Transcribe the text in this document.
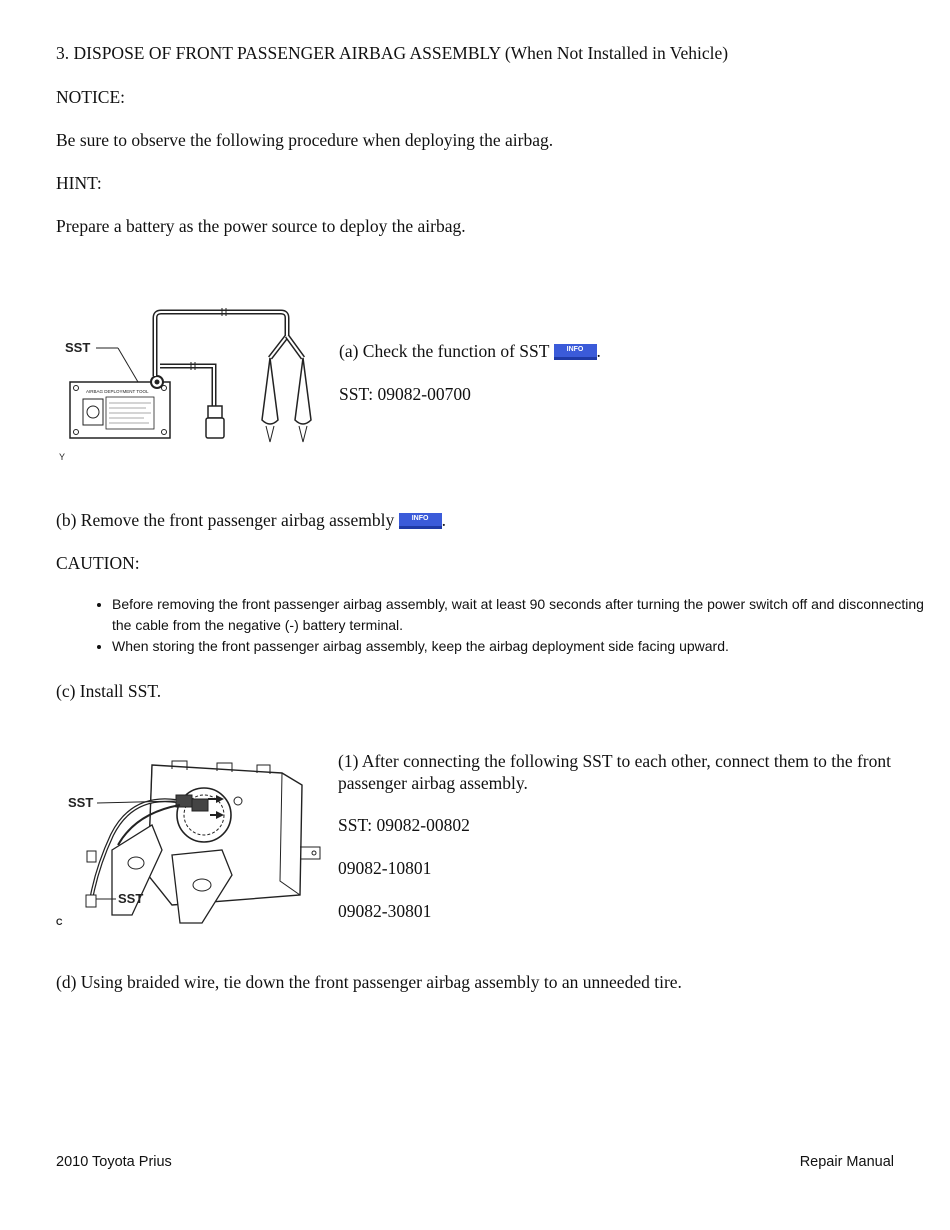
3. DISPOSE OF FRONT PASSENGER AIRBAG ASSEMBLY (When Not Installed in Vehicle)
NOTICE:
Be sure to observe the following procedure when deploying the airbag.
HINT:
Prepare a battery as the power source to deploy the airbag.
AIRBAG DEPLOYMENT TOOL
SST
Y
(a) Check the function of SST	INFO .
SST: 09082-00700
(b) Remove the front passenger airbag assembly	INFO .
CAUTION:
• Before removing the front passenger airbag assembly, wait at least 90 seconds after turning the power switch off and disconnecting the cable from the negative (-) battery terminal.
• When storing the front passenger airbag assembly, keep the airbag deployment side facing upward.
(c) Install SST.
SST
SST
C
(1) After connecting the following SST to each other, connect them to the front passenger airbag assembly.
SST: 09082-00802
09082-10801
09082-30801
(d) Using braided wire, tie down the front passenger airbag assembly to an unneeded tire.
2010 Toyota Prius	Repair Manual
